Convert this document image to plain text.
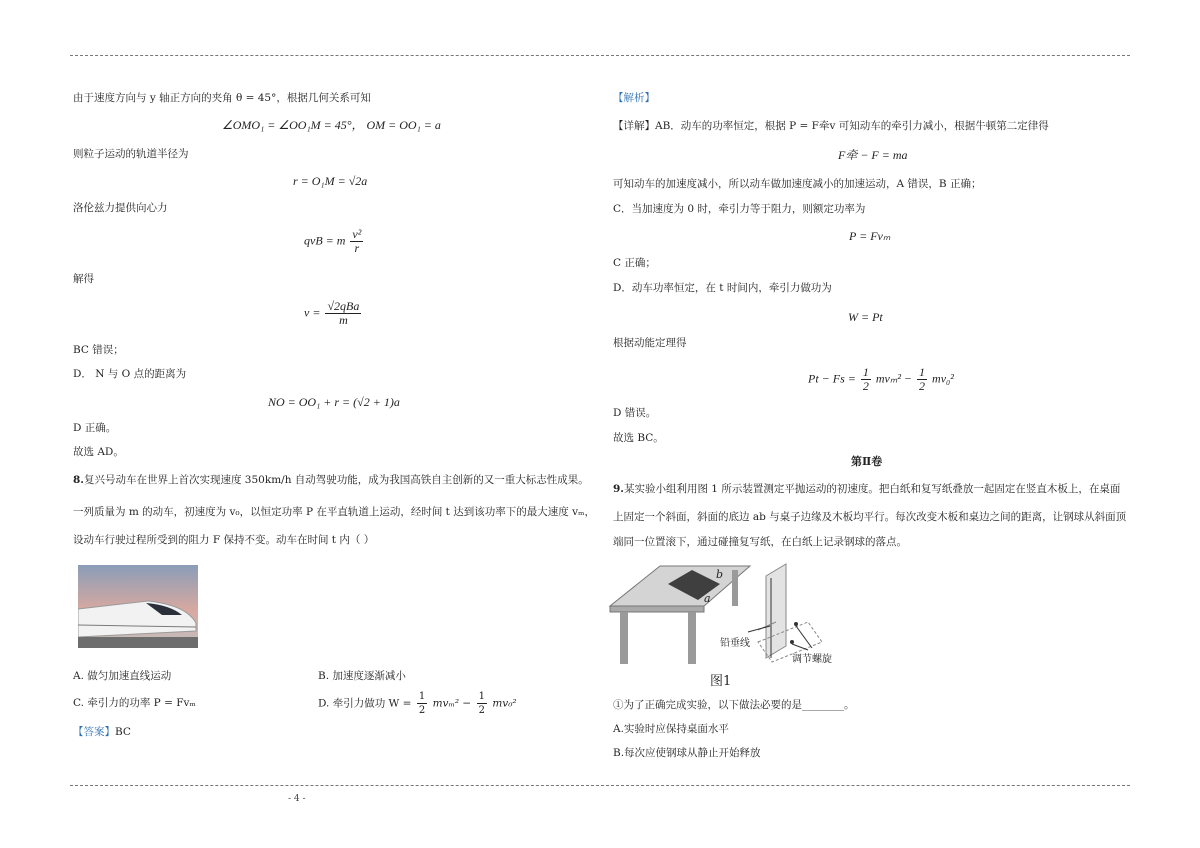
由于速度方向与 y 轴正方向的夹角 θ = 45°，根据几何关系可知
∠OMO₁ = ∠OO₁M = 45°， OM = OO₁ = a
则粒子运动的轨道半径为
r = O₁M = √2a
洛伦兹力提供向心力
qvB = m $\frac{\text{v²}}{r}$
解得
$v = \frac{\text{√2qBa}}{m}$
BC 错误；
D． N 与 O 点的距离为
NO = OO₁ + r = (√2 + 1)a
D 正确。
故选 AD。
8.复兴号动车在世界上首次实现速度 350km/h 自动驾驶功能，成为我国高铁自主创新的又一重大标志性成果。
一列质量为 m 的动车，初速度为 v₀，以恒定功率 P 在平直轨道上运动，经时间 t 达到该功率下的最大速度 vₘ，
设动车行驶过程所受到的阻力 F 保持不变。动车在时间 t 内（ ）
A. 做匀加速直线运动	B. 加速度逐渐减小
C. 牵引力的功率 P = Fvₘ	D. 牵引力做功 $W = \frac{1}{2} mv_m^2 - \frac{1}{2} mv_0^2$
【答案】BC
【解析】
【详解】AB．动车的功率恒定，根据 P = F牵v 可知动车的牵引力减小，根据牛顿第二定律得
F牵 − F = ma
可知动车的加速度减小，所以动车做加速度减小的加速运动，A 错误，B 正确；
C．当加速度为 0 时，牵引力等于阻力，则额定功率为
P = Fvₘ
C 正确；
D．动车功率恒定，在 t 时间内，牵引力做功为
W = Pt
根据动能定理得
$Pt - Fs = \frac{1}{2} mv_m^2 - \frac{1}{2} mv_0^2$
D 错误。
故选 BC。
第Ⅱ卷
9.某实验小组利用图 1 所示装置测定平抛运动的初速度。把白纸和复写纸叠放一起固定在竖直木板上，在桌面
上固定一个斜面，斜面的底边 ab 与桌子边缘及木板均平行。每次改变木板和桌边之间的距离，让钢球从斜面顶
端同一位置滚下，通过碰撞复写纸，在白纸上记录钢球的落点。
b
a
铅垂线
调节螺旋
图1
①为了正确完成实验，以下做法必要的是________。
A.实验时应保持桌面水平
B.每次应使钢球从静止开始释放
- 4 -
